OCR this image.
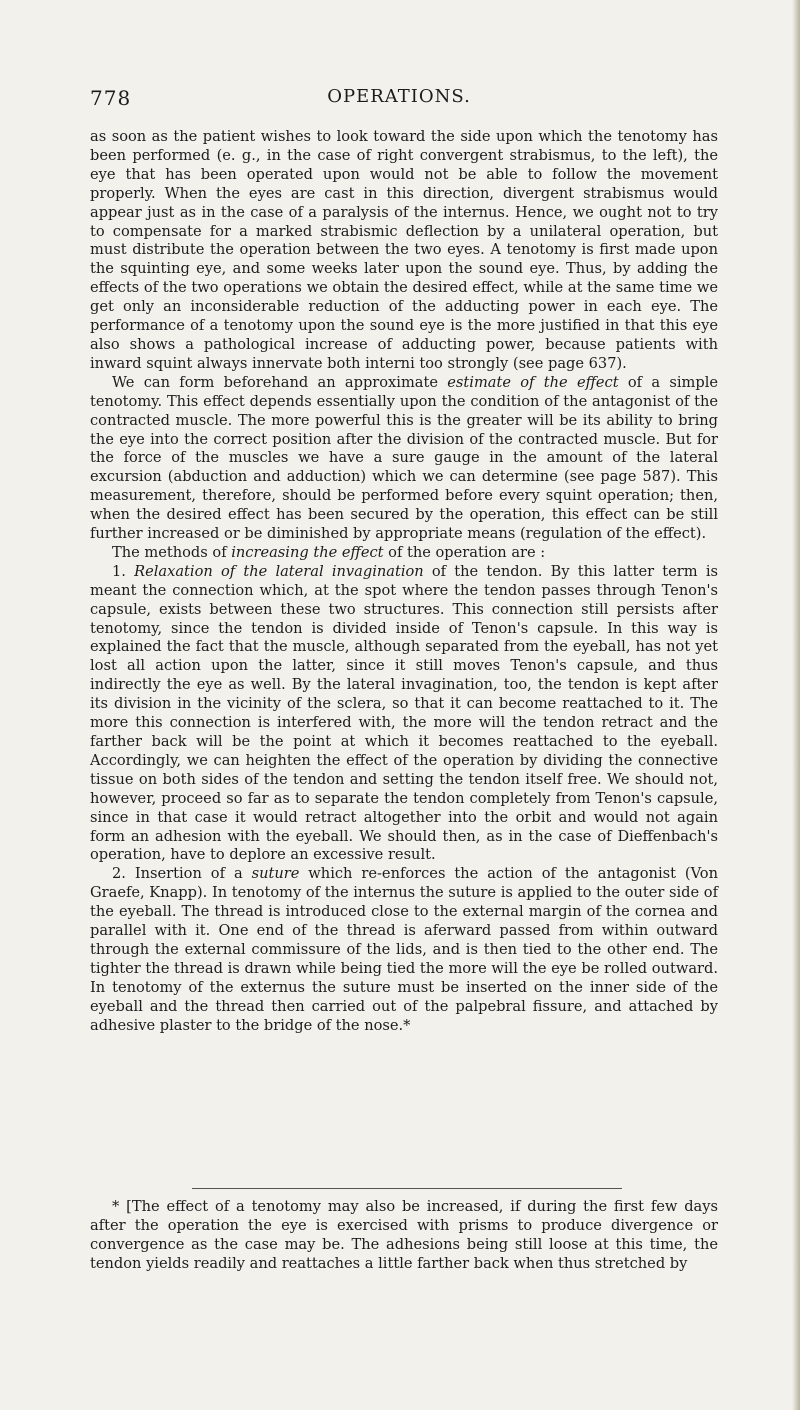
778	OPERATIONS.

as soon as the patient wishes to look toward the side upon which the tenotomy has been performed (e. g., in the case of right convergent strabismus, to the left), the eye that has been operated upon would not be able to follow the movement properly. When the eyes are cast in this direction, divergent strabismus would appear just as in the case of a paralysis of the internus. Hence, we ought not to try to compensate for a marked strabismic deflection by a unilateral operation, but must distribute the operation between the two eyes. A tenotomy is first made upon the squinting eye, and some weeks later upon the sound eye. Thus, by adding the effects of the two operations we obtain the desired effect, while at the same time we get only an inconsiderable reduction of the adducting power in each eye. The performance of a tenotomy upon the sound eye is the more justified in that this eye also shows a pathological increase of adducting power, because patients with inward squint always innervate both interni too strongly (see page 637).

We can form beforehand an approximate estimate of the effect of a simple tenotomy. This effect depends essentially upon the condition of the antagonist of the contracted muscle. The more powerful this is the greater will be its ability to bring the eye into the correct position after the division of the contracted muscle. But for the force of the muscles we have a sure gauge in the amount of the lateral excursion (abduction and adduction) which we can determine (see page 587). This measurement, therefore, should be performed before every squint operation; then, when the desired effect has been secured by the operation, this effect can be still further increased or be diminished by appropriate means (regulation of the effect).

The methods of increasing the effect of the operation are :

1. Relaxation of the lateral invagination of the tendon. By this latter term is meant the connection which, at the spot where the tendon passes through Tenon's capsule, exists between these two structures. This connection still persists after tenotomy, since the tendon is divided inside of Tenon's capsule. In this way is explained the fact that the muscle, although separated from the eyeball, has not yet lost all action upon the latter, since it still moves Tenon's capsule, and thus indirectly the eye as well. By the lateral invagination, too, the tendon is kept after its division in the vicinity of the sclera, so that it can become reattached to it. The more this connection is interfered with, the more will the tendon retract and the farther back will be the point at which it becomes reattached to the eyeball. Accordingly, we can heighten the effect of the operation by dividing the connective tissue on both sides of the tendon and setting the tendon itself free. We should not, however, proceed so far as to separate the tendon completely from Tenon's capsule, since in that case it would retract altogether into the orbit and would not again form an adhesion with the eyeball. We should then, as in the case of Dieffenbach's operation, have to deplore an excessive result.

2. Insertion of a suture which re-enforces the action of the antagonist (Von Graefe, Knapp). In tenotomy of the internus the suture is applied to the outer side of the eyeball. The thread is introduced close to the external margin of the cornea and parallel with it. One end of the thread is aferward passed from within outward through the external commissure of the lids, and is then tied to the other end. The tighter the thread is drawn while being tied the more will the eye be rolled outward. In tenotomy of the externus the suture must be inserted on the inner side of the eyeball and the thread then carried out of the palpebral fissure, and attached by adhesive plaster to the bridge of the nose.*

* [The effect of a tenotomy may also be increased, if during the first few days after the operation the eye is exercised with prisms to produce divergence or convergence as the case may be. The adhesions being still loose at this time, the tendon yields readily and reattaches a little farther back when thus stretched by
